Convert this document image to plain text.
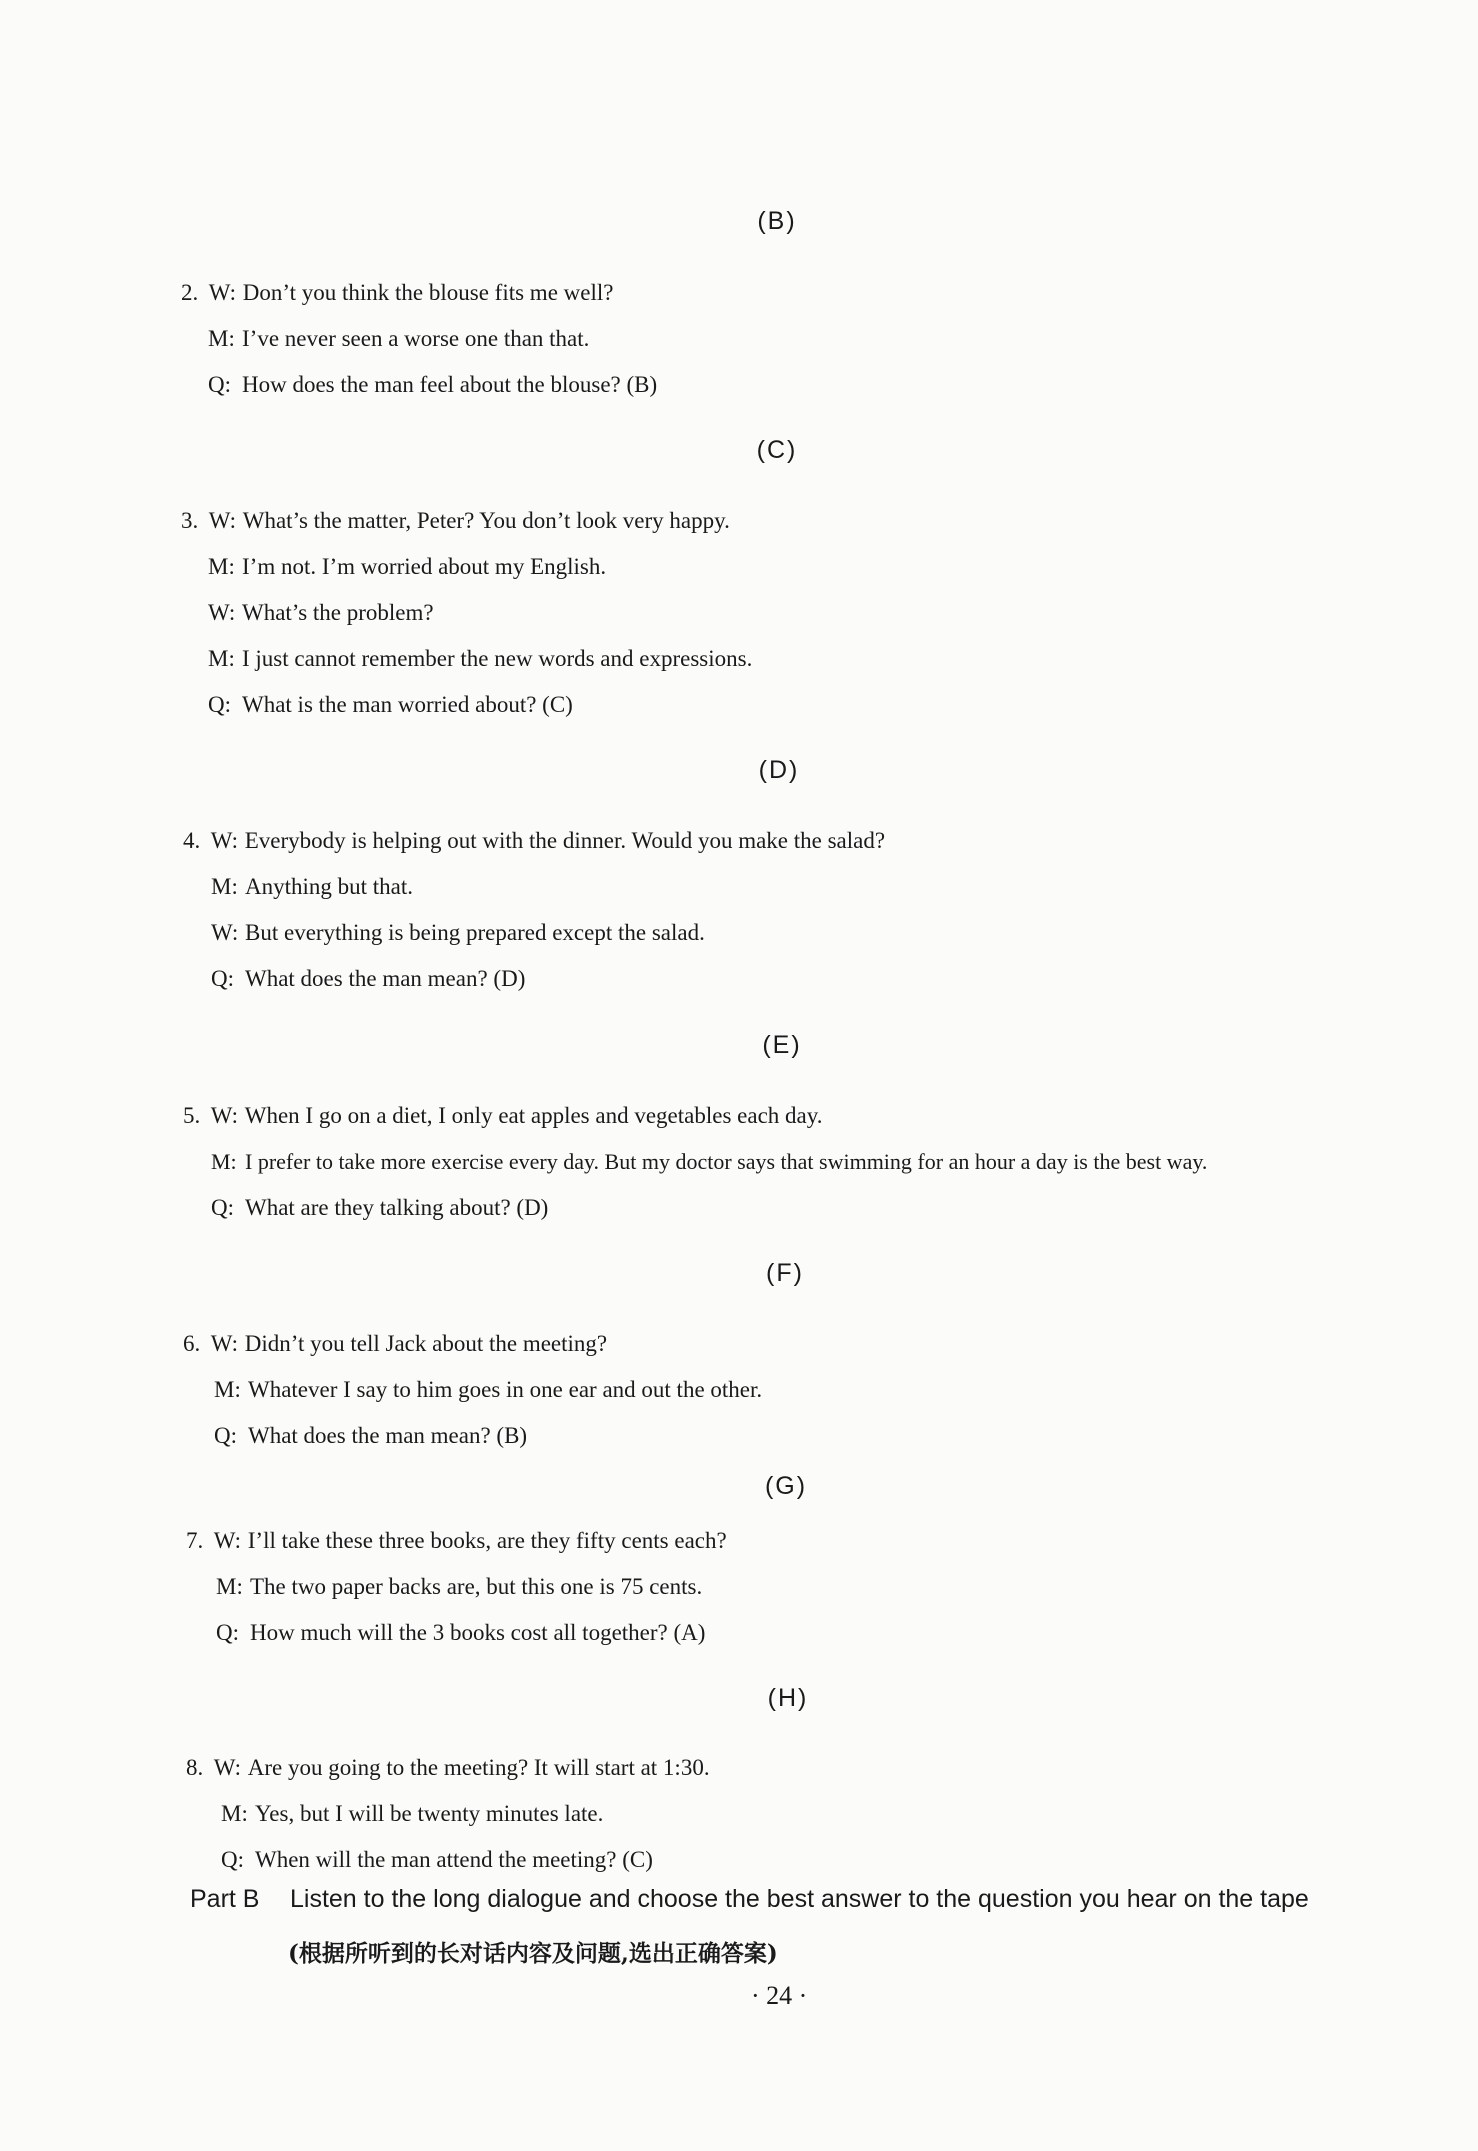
(B)
2. W: Don’t you think the blouse fits me well?
M: I’ve never seen a worse one than that.
Q: How does the man feel about the blouse? (B)
(C)
3. W: What’s the matter, Peter? You don’t look very happy.
M: I’m not. I’m worried about my English.
W: What’s the problem?
M: I just cannot remember the new words and expressions.
Q: What is the man worried about? (C)
(D)
4. W: Everybody is helping out with the dinner. Would you make the salad?
M: Anything but that.
W: But everything is being prepared except the salad.
Q: What does the man mean? (D)
(E)
5. W: When I go on a diet, I only eat apples and vegetables each day.
M: I prefer to take more exercise every day. But my doctor says that swimming for an hour a day is the best way.
Q: What are they talking about? (D)
(F)
6. W: Didn’t you tell Jack about the meeting?
M: Whatever I say to him goes in one ear and out the other.
Q: What does the man mean? (B)
(G)
7. W: I’ll take these three books, are they fifty cents each?
M: The two paper backs are, but this one is 75 cents.
Q: How much will the 3 books cost all together? (A)
(H)
8. W: Are you going to the meeting? It will start at 1:30.
M: Yes, but I will be twenty minutes late.
Q: When will the man attend the meeting? (C)
Part B Listen to the long dialogue and choose the best answer to the question you hear on the tape
(根据所听到的长对话内容及问题,选出正确答案)
· 24 ·
